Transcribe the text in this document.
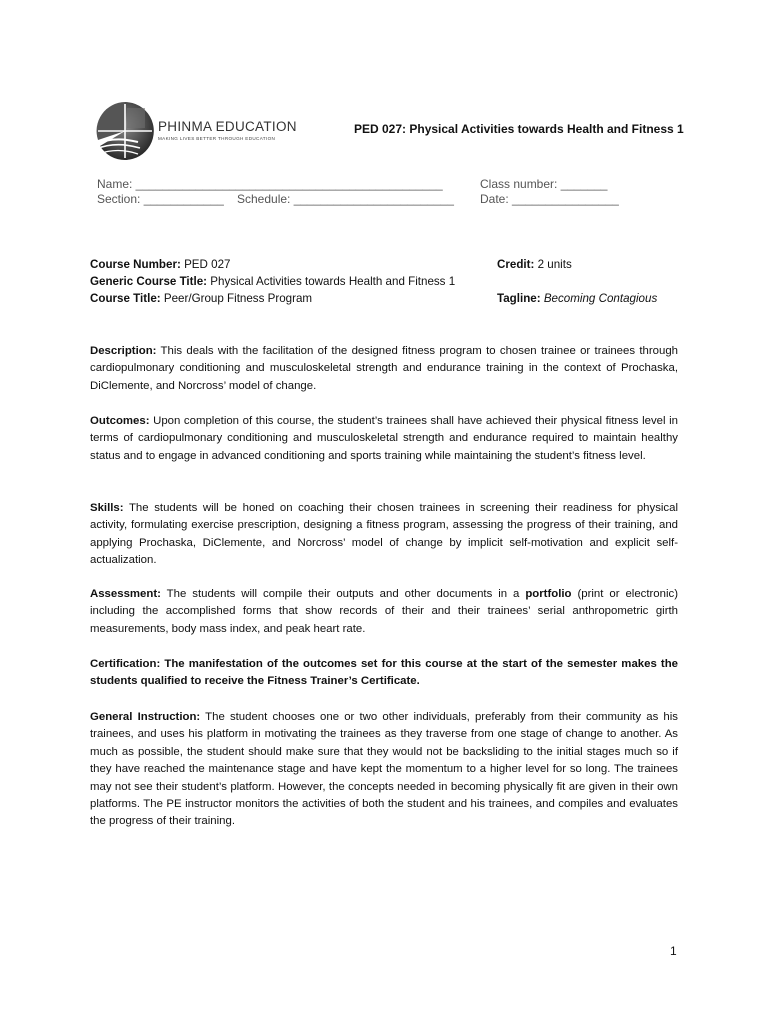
PHINMA EDUCATION
MAKING LIVES BETTER THROUGH EDUCATION
PED 027: Physical Activities towards Health and Fitness 1
Name: ______________________________________________
Section: ____________ Schedule: ________________________
Class number: _______
Date: ________________
Course Number: PED 027
Generic Course Title: Physical Activities towards Health and Fitness 1
Course Title: Peer/Group Fitness Program
Credit: 2 units
Tagline: Becoming Contagious
Description: This deals with the facilitation of the designed fitness program to chosen trainee or trainees through cardiopulmonary conditioning and musculoskeletal strength and endurance training in the context of Prochaska, DiClemente, and Norcross’ model of change.
Outcomes: Upon completion of this course, the student’s trainees shall have achieved their physical fitness level in terms of cardiopulmonary conditioning and musculoskeletal strength and endurance required to maintain healthy status and to engage in advanced conditioning and sports training while maintaining the student’s fitness level.
Skills: The students will be honed on coaching their chosen trainees in screening their readiness for physical activity, formulating exercise prescription, designing a fitness program, assessing the progress of their training, and applying Prochaska, DiClemente, and Norcross’ model of change by implicit self-motivation and explicit self-actualization.
Assessment: The students will compile their outputs and other documents in a portfolio (print or electronic) including the accomplished forms that show records of their and their trainees’ serial anthropometric girth measurements, body mass index, and peak heart rate.
Certification: The manifestation of the outcomes set for this course at the start of the semester makes the students qualified to receive the Fitness Trainer’s Certificate.
General Instruction: The student chooses one or two other individuals, preferably from their community as his trainees, and uses his platform in motivating the trainees as they traverse from one stage of change to another. As much as possible, the student should make sure that they would not be backsliding to the initial stages much so if they have reached the maintenance stage and have kept the momentum to a higher level for so long. The trainees may not see their student’s platform. However, the concepts needed in becoming physically fit are given in their own platforms. The PE instructor monitors the activities of both the student and his trainees, and compiles and evaluates the progress of their training.
1
